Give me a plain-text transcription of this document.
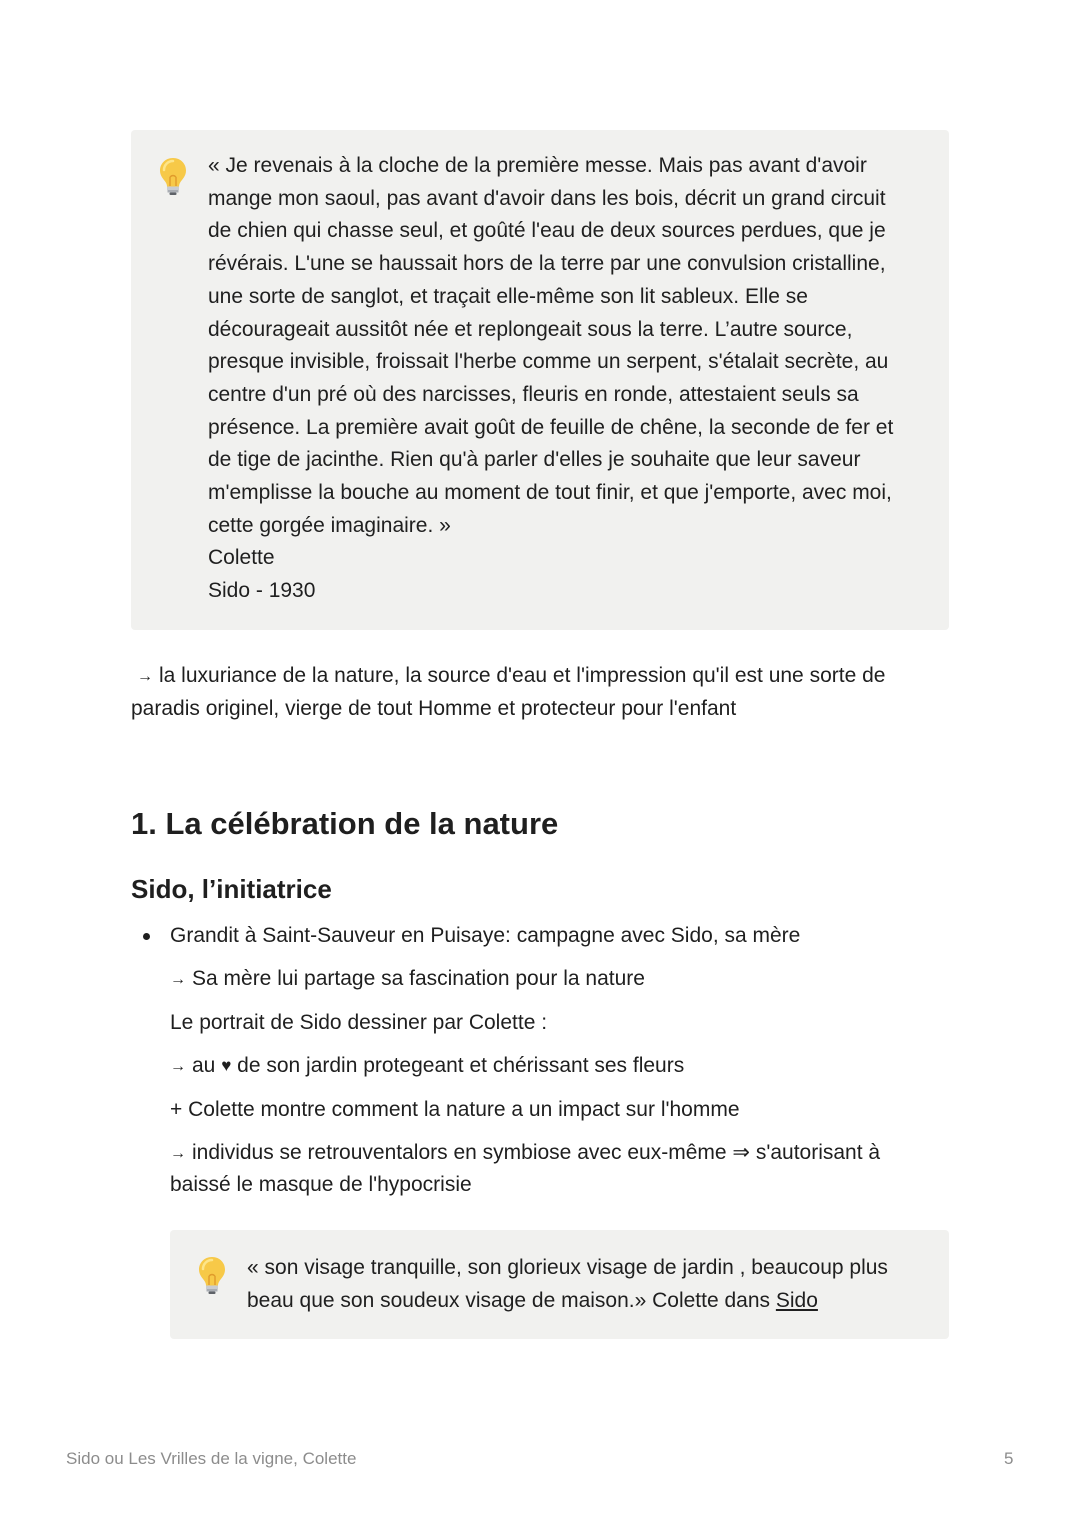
« Je revenais à la cloche de la première messe. Mais pas avant d'avoir
mange mon saoul, pas avant d'avoir dans les bois, décrit un grand circuit
de chien qui chasse seul, et goûté l'eau de deux sources perdues, que je
révérais. L'une se haussait hors de la terre par une convulsion cristalline,
une sorte de sanglot, et traçait elle-même son lit sableux. Elle se
décourageait aussitôt née et replongeait sous la terre. L’autre source,
presque invisible, froissait l'herbe comme un serpent, s'étalait secrète, au
centre d'un pré où des narcisses, fleuris en ronde, attestaient seuls sa
présence. La première avait goût de feuille de chêne, la seconde de fer et
de tige de jacinthe. Rien qu'à parler d'elles je souhaite que leur saveur
m'emplisse la bouche au moment de tout finir, et que j'emporte, avec moi,
cette gorgée imaginaire. »
Colette
Sido - 1930
→ la luxuriance de la nature, la source d'eau et l'impression qu'il est une sorte de
paradis originel, vierge de tout Homme et protecteur pour l'enfant
1. La célébration de la nature
Sido, l’initiatrice
Grandit à Saint-Sauveur en Puisaye: campagne avec Sido, sa mère
→ Sa mère lui partage sa fascination pour la nature
Le portrait de Sido dessiner par Colette :
→ au ♥ de son jardin protegeant et chérissant ses fleurs
+ Colette montre comment la nature a un impact sur l'homme
→ individus se retrouventalors en symbiose avec eux-même ⇒ s'autorisant à
baissé le masque de l'hypocrisie
« son visage tranquille, son glorieux visage de jardin , beaucoup plus
beau que son soudeux visage de maison.» Colette dans Sido
Sido ou Les Vrilles de la vigne, Colette	5
